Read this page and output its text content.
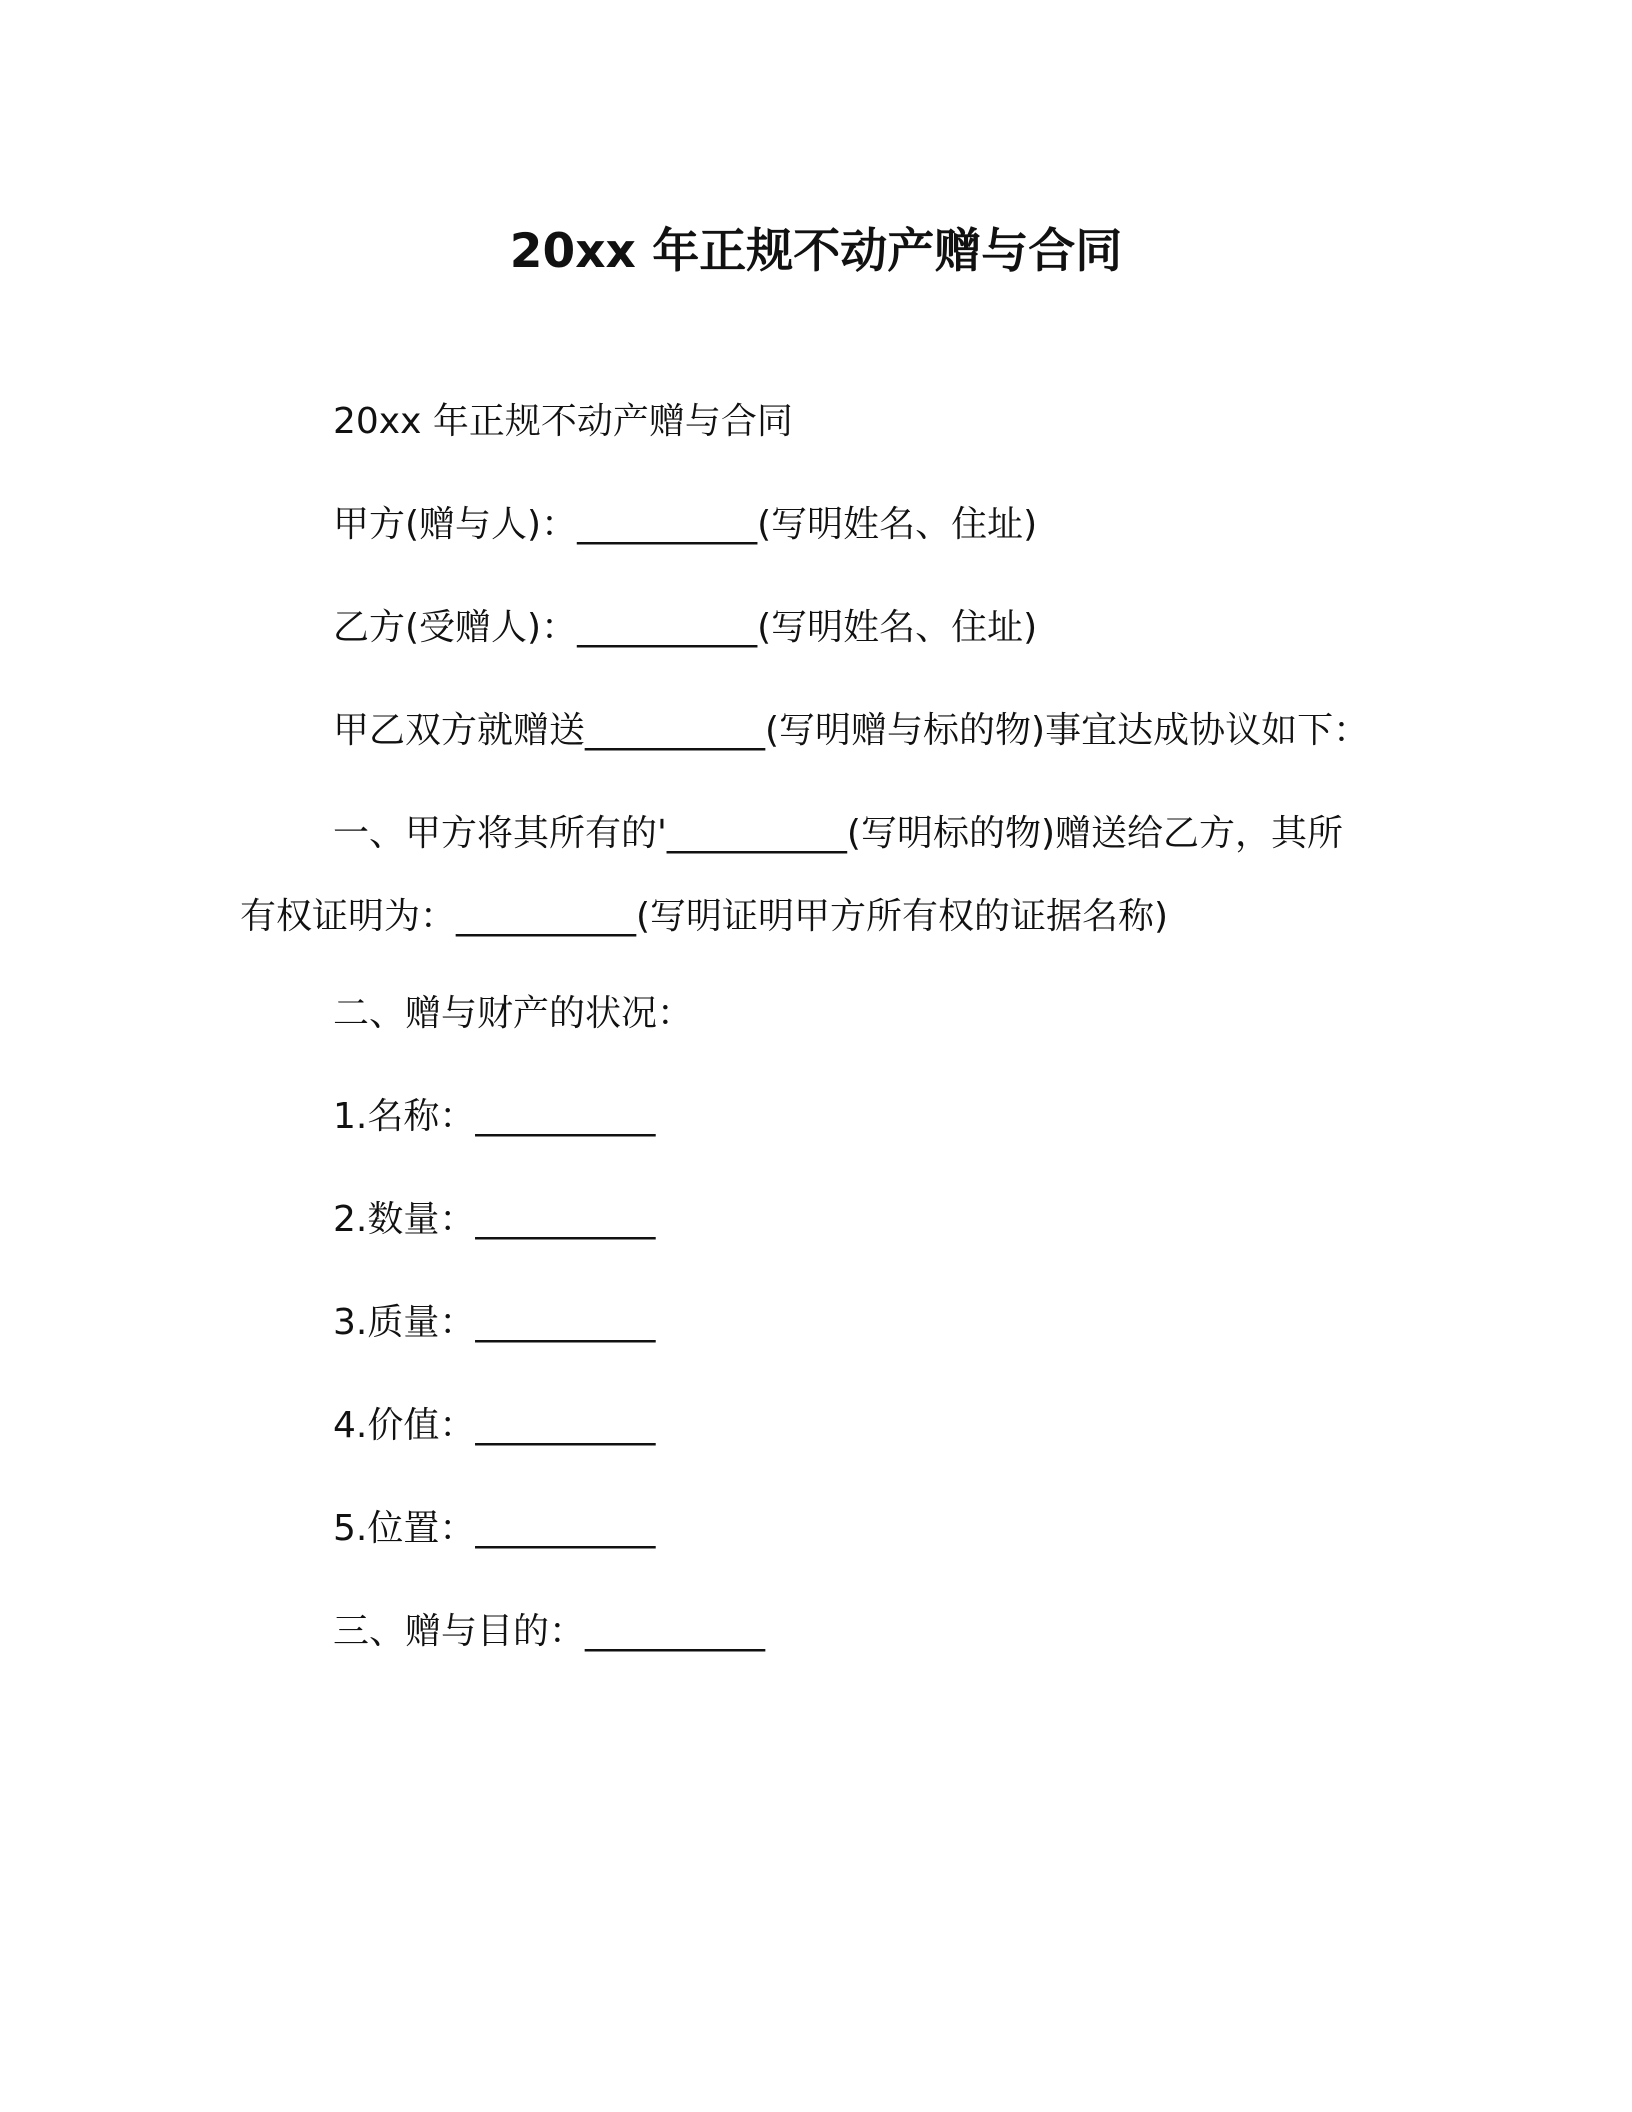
20xx 年正规不动产赠与合同
20xx 年正规不动产赠与合同
甲方(赠与人)：__________(写明姓名、住址)
乙方(受赠人)：__________(写明姓名、住址)
甲乙双方就赠送__________(写明赠与标的物)事宜达成协议如下：
一、甲方将其所有的'__________(写明标的物)赠送给乙方，其所
有权证明为：__________(写明证明甲方所有权的证据名称)
二、赠与财产的状况：
1.名称：__________
2.数量：__________
3.质量：__________
4.价值：__________
5.位置：__________
三、赠与目的：__________
